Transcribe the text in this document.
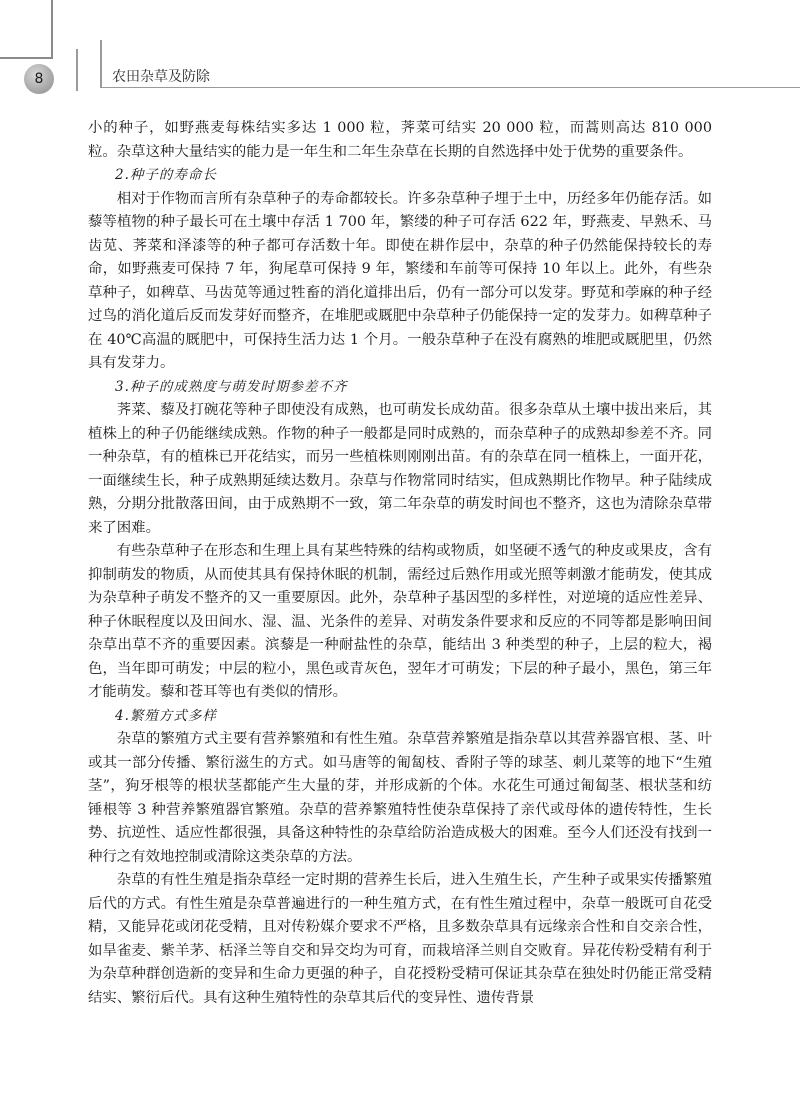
8	农田杂草及防除

小的种子，如野燕麦每株结实多达 1 000 粒，荠菜可结实 20 000 粒，而蒿则高达 810 000 粒。杂草这种大量结实的能力是一年生和二年生杂草在长期的自然选择中处于优势的重要条件。

2.种子的寿命长

相对于作物而言所有杂草种子的寿命都较长。许多杂草种子埋于土中，历经多年仍能存活。如藜等植物的种子最长可在土壤中存活 1 700 年，繁缕的种子可存活 622 年，野燕麦、早熟禾、马齿苋、荠菜和泽漆等的种子都可存活数十年。即使在耕作层中，杂草的种子仍然能保持较长的寿命，如野燕麦可保持 7 年，狗尾草可保持 9 年，繁缕和车前等可保持 10 年以上。此外，有些杂草种子，如稗草、马齿苋等通过牲畜的消化道排出后，仍有一部分可以发芽。野苋和荸麻的种子经过鸟的消化道后反而发芽好而整齐，在堆肥或厩肥中杂草种子仍能保持一定的发芽力。如稗草种子在 40℃高温的厩肥中，可保持生活力达 1 个月。一般杂草种子在没有腐熟的堆肥或厩肥里，仍然具有发芽力。

3.种子的成熟度与萌发时期参差不齐

荠菜、藜及打碗花等种子即使没有成熟，也可萌发长成幼苗。很多杂草从土壤中拔出来后，其植株上的种子仍能继续成熟。作物的种子一般都是同时成熟的，而杂草种子的成熟却参差不齐。同一种杂草，有的植株已开花结实，而另一些植株则刚刚出苗。有的杂草在同一植株上，一面开花，一面继续生长，种子成熟期延续达数月。杂草与作物常同时结实，但成熟期比作物早。种子陆续成熟，分期分批散落田间，由于成熟期不一致，第二年杂草的萌发时间也不整齐，这也为清除杂草带来了困难。

有些杂草种子在形态和生理上具有某些特殊的结构或物质，如坚硬不透气的种皮或果皮，含有抑制萌发的物质，从而使其具有保持休眠的机制，需经过后熟作用或光照等刺激才能萌发，使其成为杂草种子萌发不整齐的又一重要原因。此外，杂草种子基因型的多样性，对逆境的适应性差异、种子休眠程度以及田间水、湿、温、光条件的差异、对萌发条件要求和反应的不同等都是影响田间杂草出草不齐的重要因素。滨藜是一种耐盐性的杂草，能结出 3 种类型的种子，上层的粒大，褐色，当年即可萌发；中层的粒小，黑色或青灰色，翌年才可萌发；下层的种子最小，黑色，第三年才能萌发。藜和苍耳等也有类似的情形。

4.繁殖方式多样

杂草的繁殖方式主要有营养繁殖和有性生殖。杂草营养繁殖是指杂草以其营养器官根、茎、叶或其一部分传播、繁衍滋生的方式。如马唐等的匍匐枝、香附子等的球茎、刺儿菜等的地下“生殖茎”，狗牙根等的根状茎都能产生大量的芽，并形成新的个体。水花生可通过匍匐茎、根状茎和纺锤根等 3 种营养繁殖器官繁殖。杂草的营养繁殖特性使杂草保持了亲代或母体的遗传特性，生长势、抗逆性、适应性都很强，具备这种特性的杂草给防治造成极大的困难。至今人们还没有找到一种行之有效地控制或清除这类杂草的方法。

杂草的有性生殖是指杂草经一定时期的营养生长后，进入生殖生长，产生种子或果实传播繁殖后代的方式。有性生殖是杂草普遍进行的一种生殖方式，在有性生殖过程中，杂草一般既可自花受精，又能异花或闭花受精，且对传粉媒介要求不严格，且多数杂草具有远缘亲合性和自交亲合性，如旱雀麦、紫羊茅、栝泽兰等自交和异交均为可育，而栽培泽兰则自交败育。异花传粉受精有利于为杂草种群创造新的变异和生命力更强的种子，自花授粉受精可保证其杂草在独处时仍能正常受精结实、繁衍后代。具有这种生殖特性的杂草其后代的变异性、遗传背景
